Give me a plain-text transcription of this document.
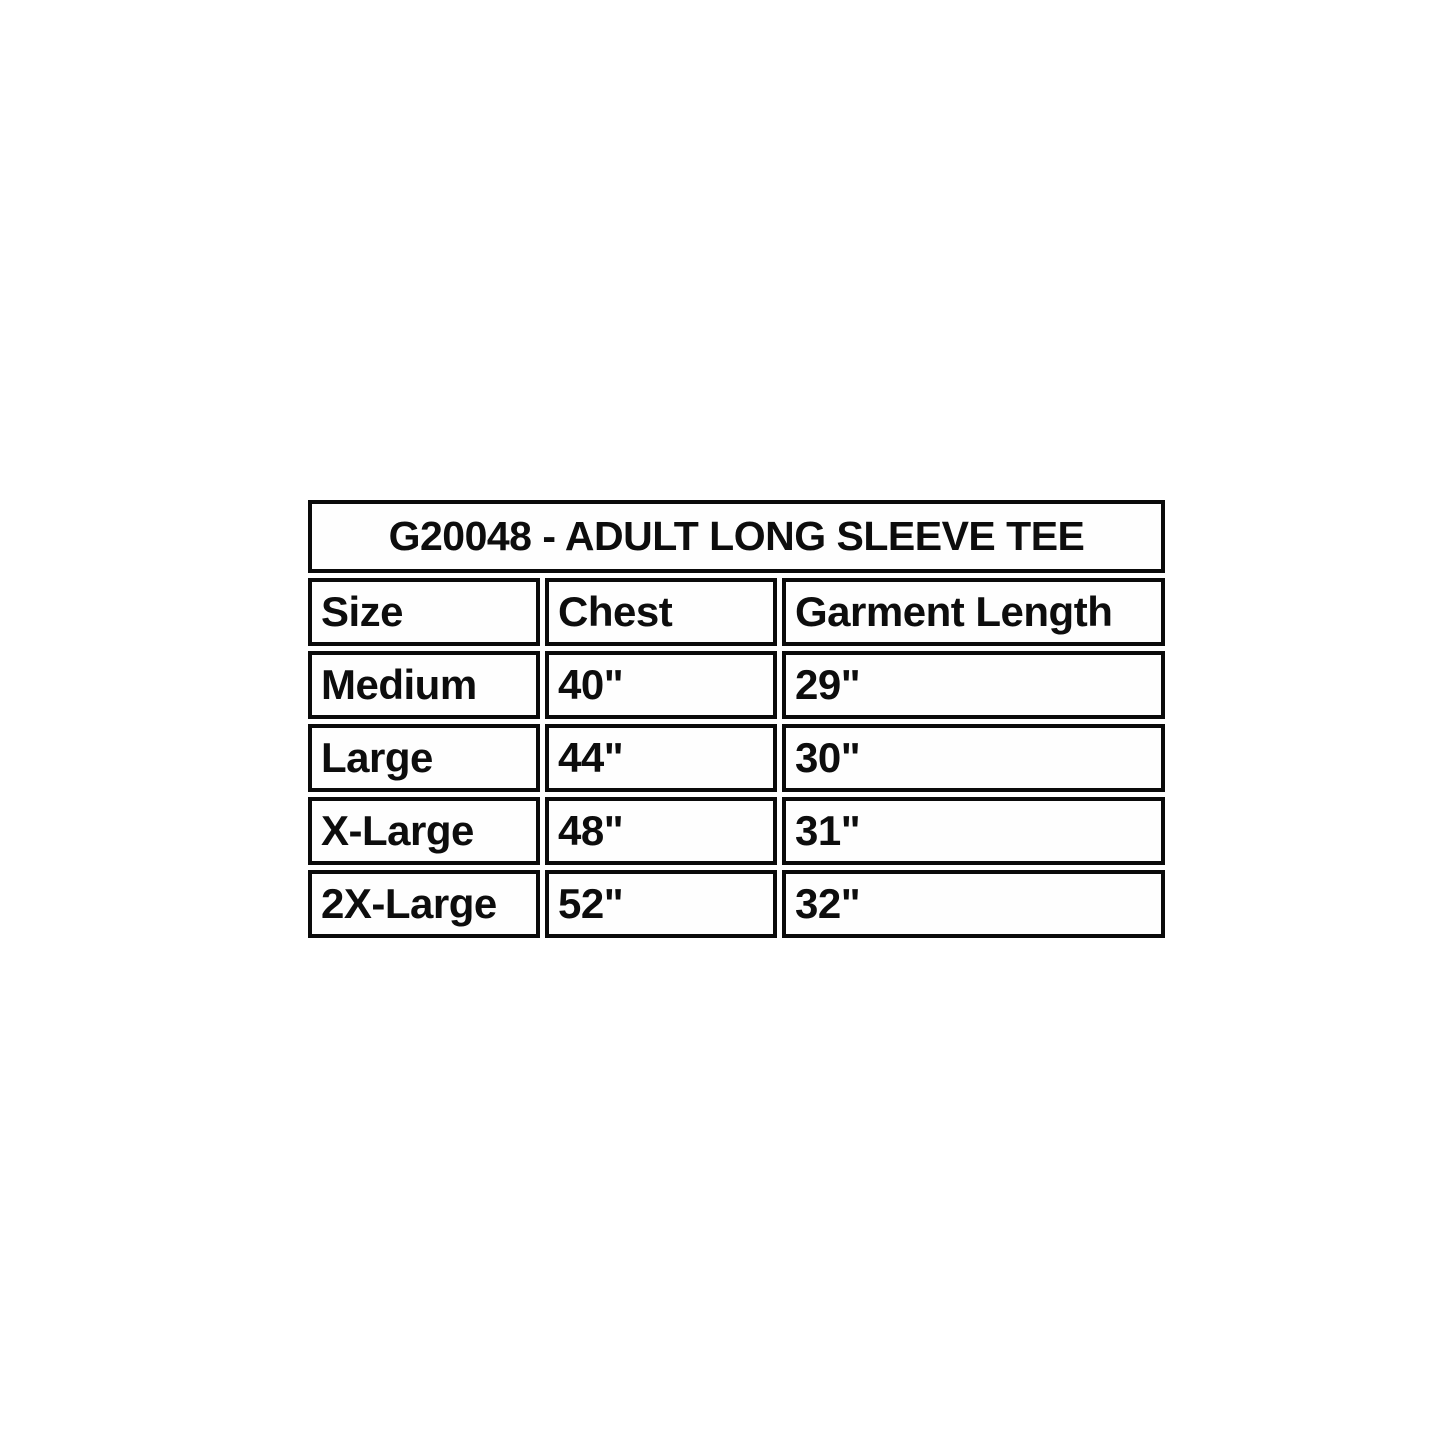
G20048 - ADULT LONG SLEEVE TEE
Size	Chest	Garment Length
Medium	40"	29"
Large	44"	30"
X-Large	48"	31"
2X-Large	52"	32"
